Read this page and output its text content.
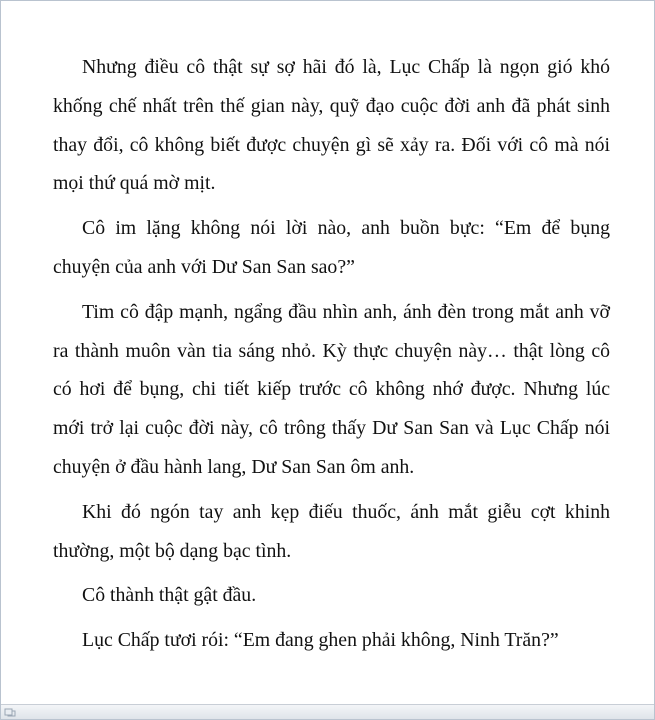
Nhưng điều cô thật sự sợ hãi đó là, Lục Chấp là ngọn gió khó
khống chế nhất trên thế gian này, quỹ đạo cuộc đời anh đã phát sinh
thay đổi, cô không biết được chuyện gì sẽ xảy ra. Đối với cô mà nói
mọi thứ quá mờ mịt.

Cô im lặng không nói lời nào, anh buồn bực: “Em để bụng
chuyện của anh với Dư San San sao?”

Tim cô đập mạnh, ngẩng đầu nhìn anh, ánh đèn trong mắt anh vỡ
ra thành muôn vàn tia sáng nhỏ. Kỳ thực chuyện này… thật lòng cô
có hơi để bụng, chi tiết kiếp trước cô không nhớ được. Nhưng lúc
mới trở lại cuộc đời này, cô trông thấy Dư San San và Lục Chấp nói
chuyện ở đầu hành lang, Dư San San ôm anh.

Khi đó ngón tay anh kẹp điếu thuốc, ánh mắt giễu cợt khinh
thường, một bộ dạng bạc tình.

Cô thành thật gật đầu.

Lục Chấp tươi rói: “Em đang ghen phải không, Ninh Trăn?”
